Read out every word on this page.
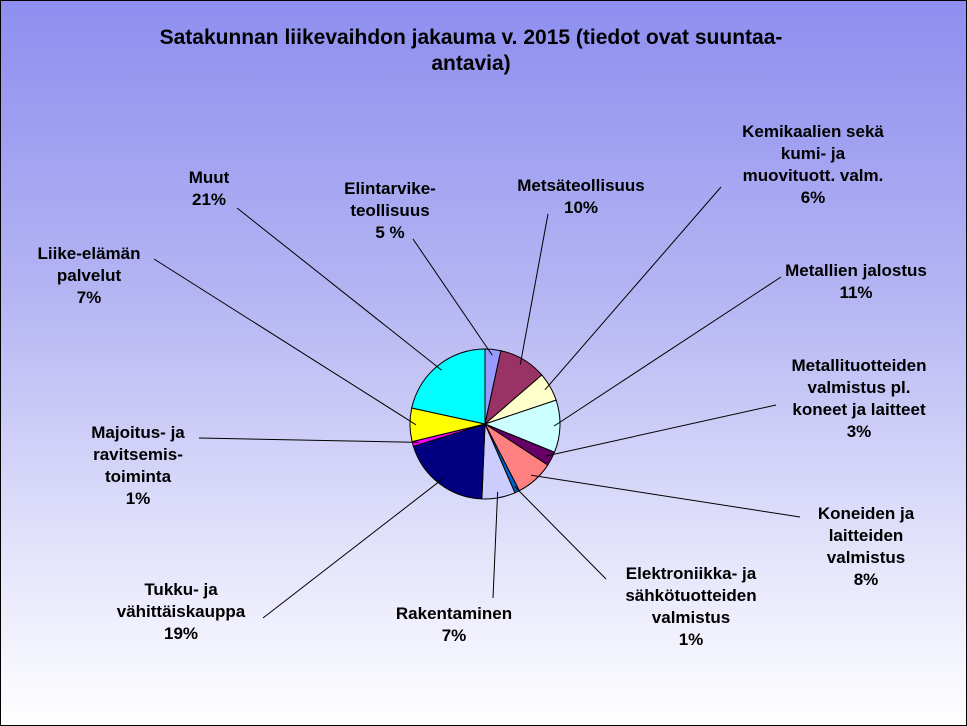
Satakunnan liikevaihdon jakauma v. 2015 (tiedot ovat suuntaa-
antavia)
Elintarvike-teollisuus 5 %
Metsäteollisuus 10%
Kemikaalien sekä kumi- ja muovituott. valm. 6%
Metallien jalostus 11%
Metallituotteiden valmistus pl. koneet ja laitteet 3%
Koneiden ja laitteiden valmistus 8%
Elektroniikka- ja sähkötuotteiden valmistus 1%
Rakentaminen 7%
Tukku- ja vähittäiskauppa 19%
Majoitus- ja ravitsemis-toiminta 1%
Liike-elämän palvelut 7%
Muut 21%
